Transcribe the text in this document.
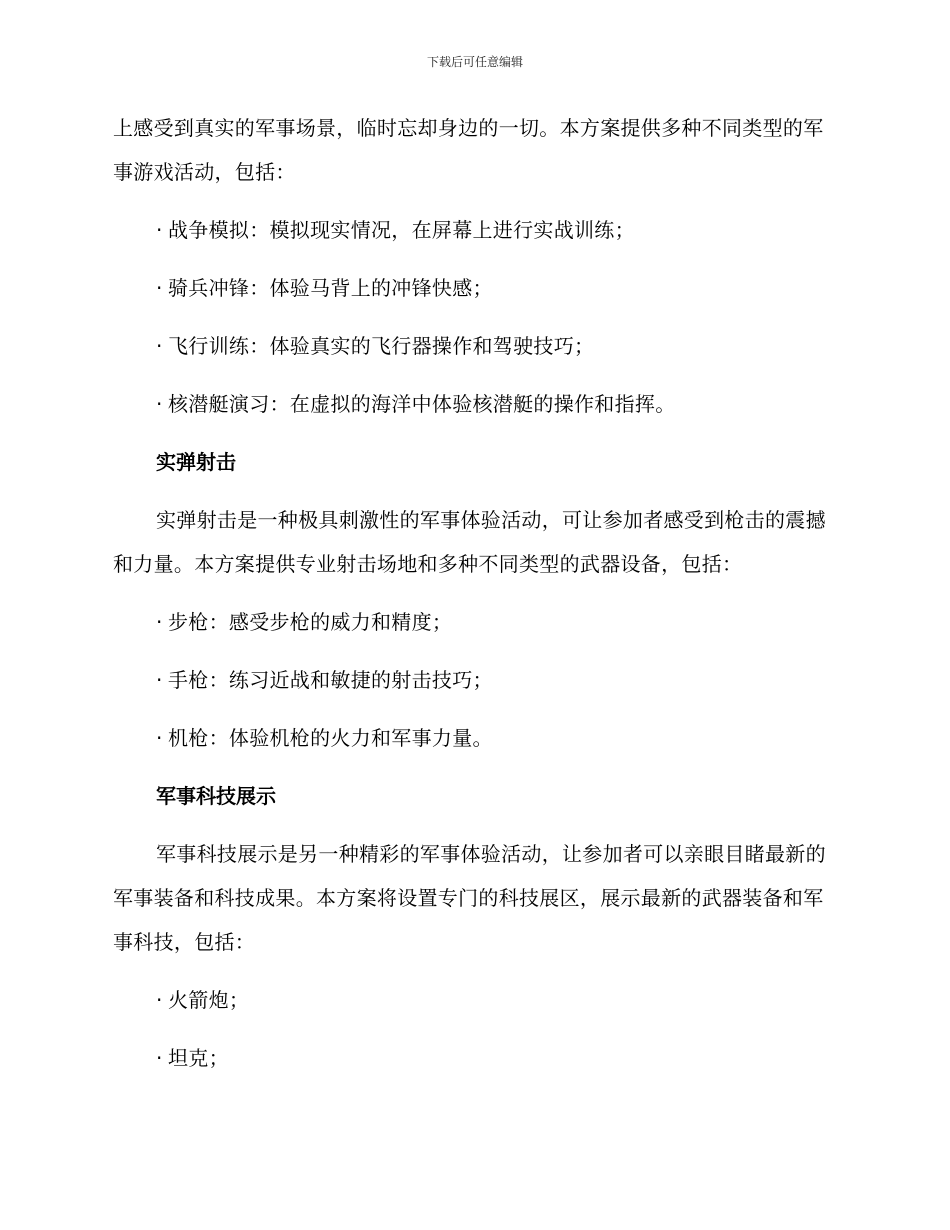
下载后可任意编辑

上感受到真实的军事场景，临时忘却身边的一切。本方案提供多种不同类型的军事游戏活动，包括：

· 战争模拟：模拟现实情况，在屏幕上进行实战训练；
· 骑兵冲锋：体验马背上的冲锋快感；
· 飞行训练：体验真实的飞行器操作和驾驶技巧；
· 核潜艇演习：在虚拟的海洋中体验核潜艇的操作和指挥。
实弹射击

实弹射击是一种极具刺激性的军事体验活动，可让参加者感受到枪击的震撼和力量。本方案提供专业射击场地和多种不同类型的武器设备，包括：

· 步枪：感受步枪的威力和精度；
· 手枪：练习近战和敏捷的射击技巧；
· 机枪：体验机枪的火力和军事力量。
军事科技展示

军事科技展示是另一种精彩的军事体验活动，让参加者可以亲眼目睹最新的军事装备和科技成果。本方案将设置专门的科技展区，展示最新的武器装备和军事科技，包括：

· 火箭炮；
· 坦克；
